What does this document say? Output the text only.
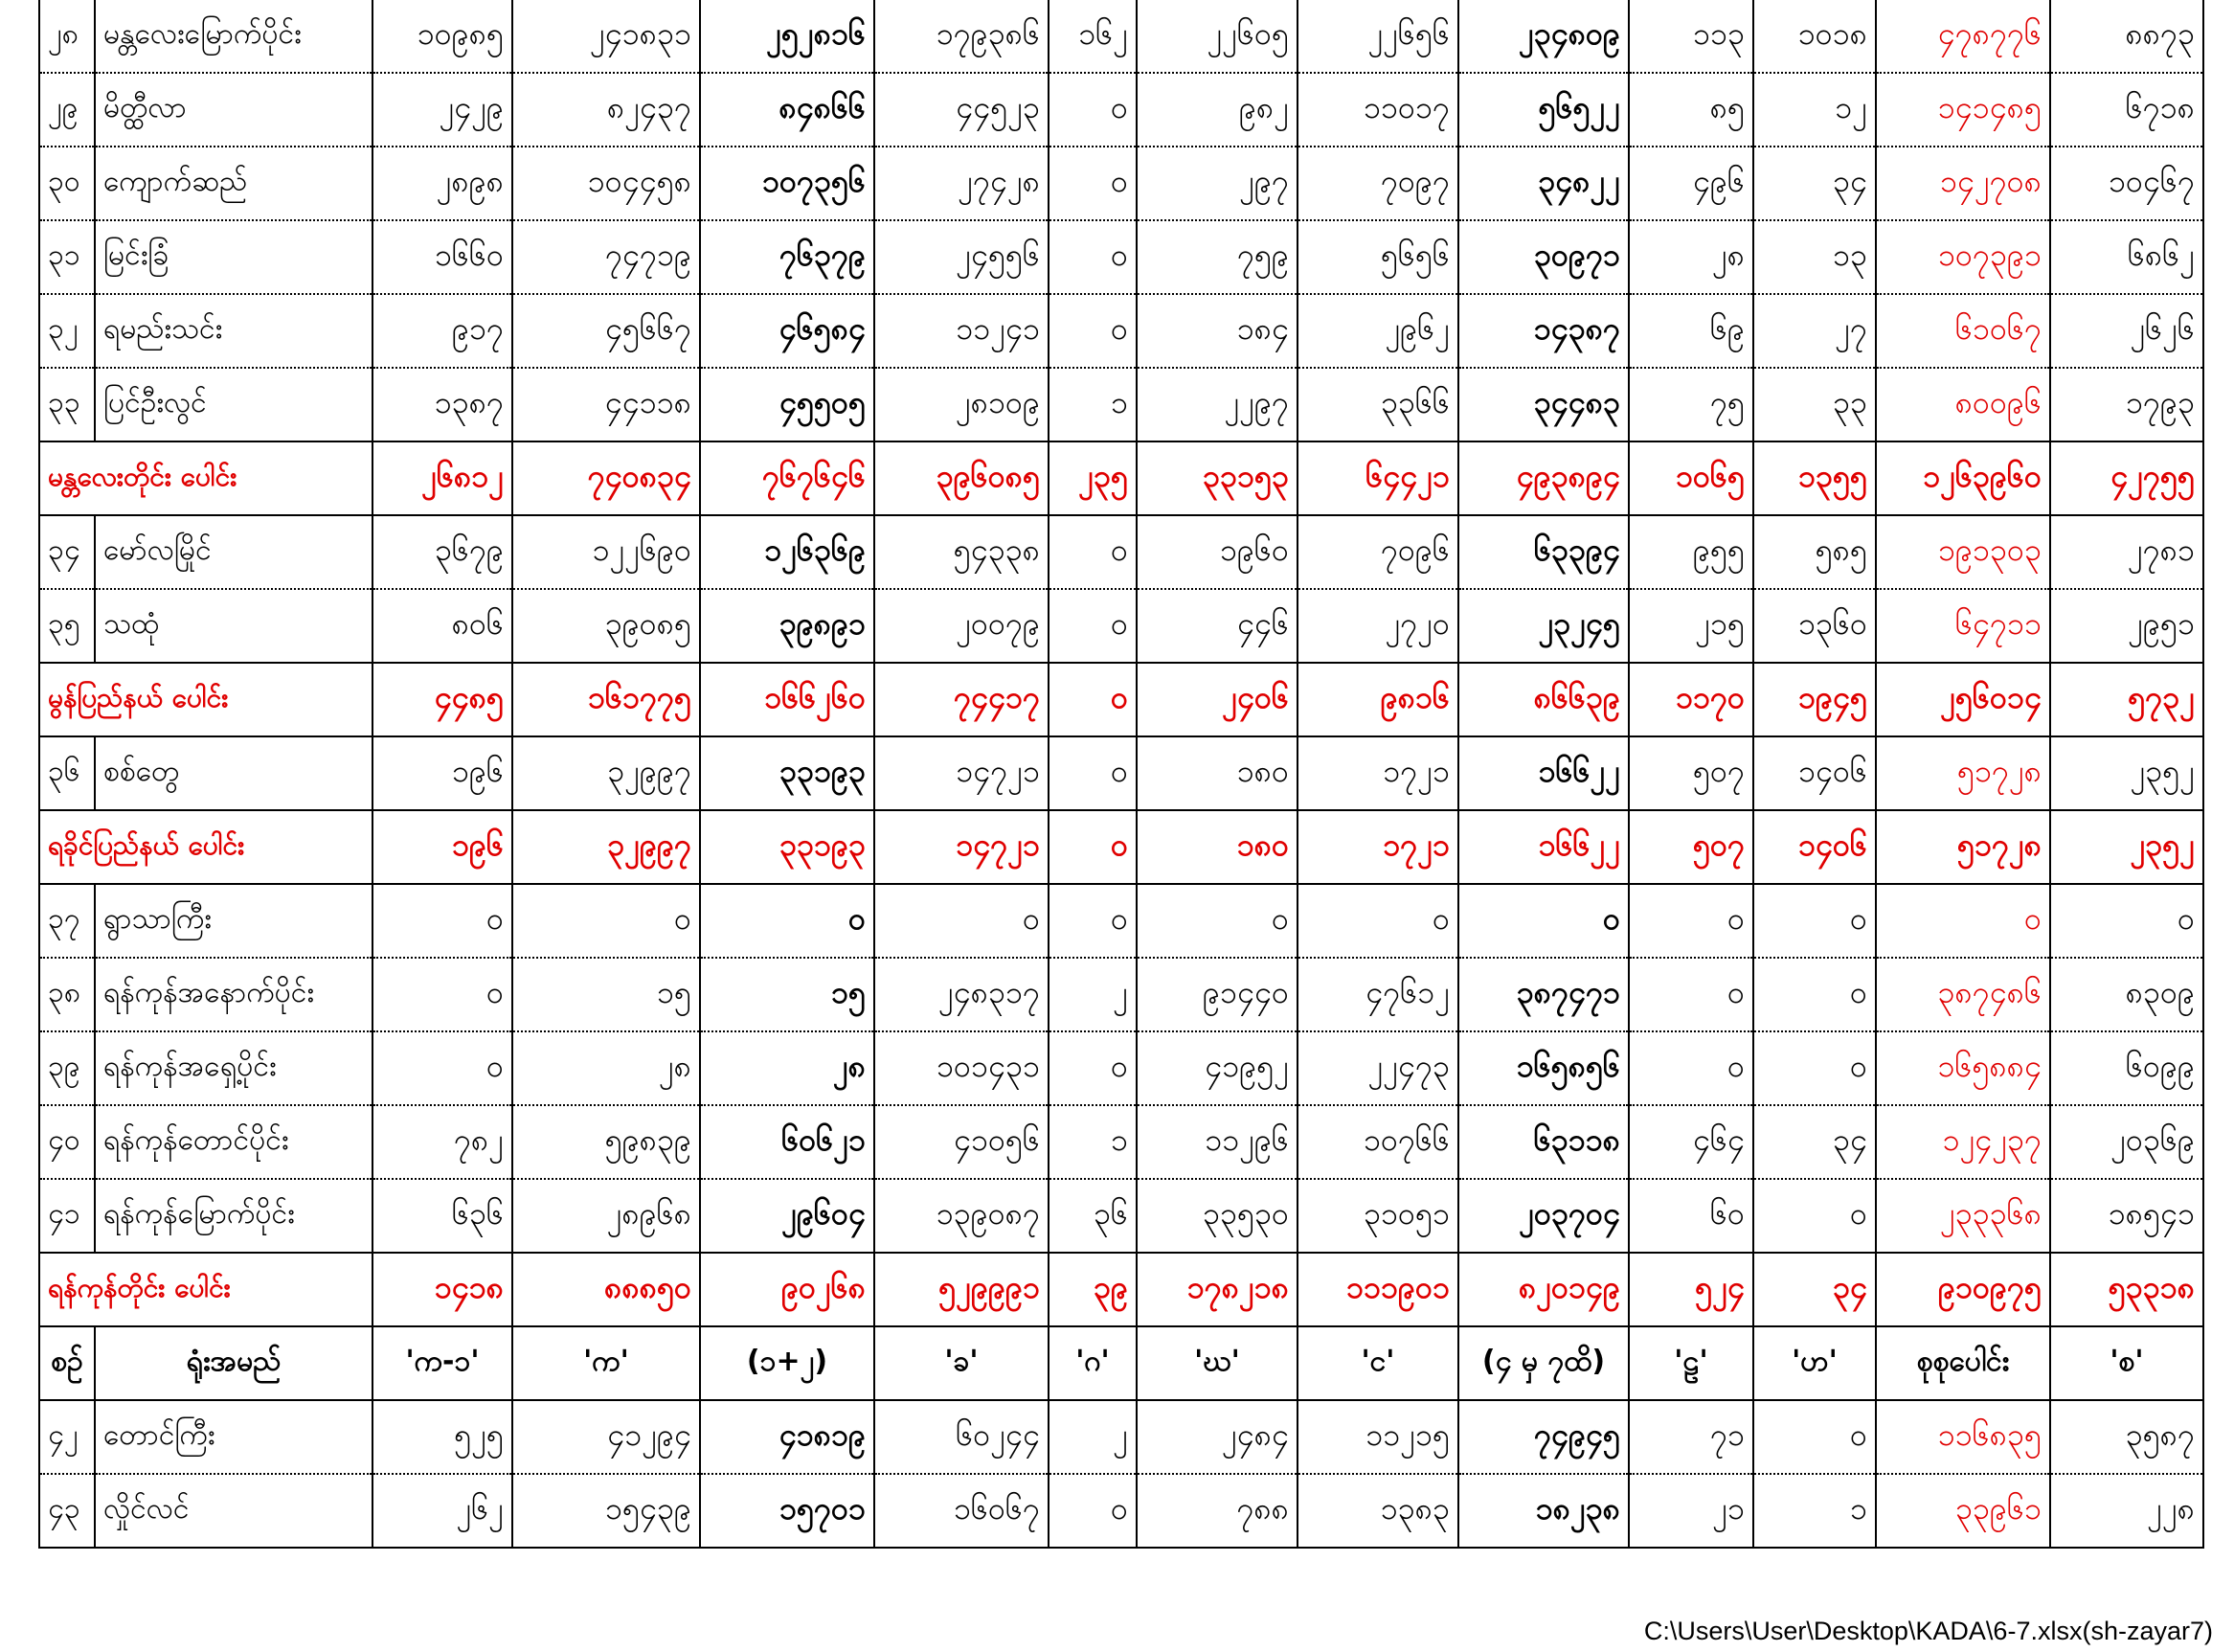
၂၈	မန္တလေးမြောက်ပိုင်း	၁၀၉၈၅	၂၄၁၈၃၁	၂၅၂၈၁၆	၁၇၉၃၈၆	၁၆၂	၂၂၆၀၅	၂၂၆၅၆	၂၃၄၈၀၉	၁၁၃	၁၀၁၈	၄၇၈၇၇၆	၈၈၇၃
၂၉	မိတ္ထီလာ	၂၄၂၉	၈၂၄၃၇	၈၄၈၆၆	၄၄၅၂၃	၀	၉၈၂	၁၁၀၁၇	၅၆၅၂၂	၈၅	၁၂	၁၄၁၄၈၅	၆၇၁၈
၃၀	ကျောက်ဆည်	၂၈၉၈	၁၀၄၄၅၈	၁၀၇၃၅၆	၂၇၄၂၈	၀	၂၉၇	၇၀၉၇	၃၄၈၂၂	၄၉၆	၃၄	၁၄၂၇၀၈	၁၀၄၆၇
၃၁	မြင်းခြံ	၁၆၆၀	၇၄၇၁၉	၇၆၃၇၉	၂၄၅၅၆	၀	၇၅၉	၅၆၅၆	၃၀၉၇၁	၂၈	၁၃	၁၀၇၃၉၁	၆၈၆၂
၃၂	ရမည်းသင်း	၉၁၇	၄၅၆၆၇	၄၆၅၈၄	၁၁၂၄၁	၀	၁၈၄	၂၉၆၂	၁၄၃၈၇	၆၉	၂၇	၆၁၀၆၇	၂၆၂၆
၃၃	ပြင်ဦးလွင်	၁၃၈၇	၄၄၁၁၈	၄၅၅၀၅	၂၈၁၀၉	၁	၂၂၉၇	၃၃၆၆	၃၄၄၈၃	၇၅	၃၃	၈၀၀၉၆	၁၇၉၃
မန္တလေးတိုင်း ပေါင်း		၂၆၈၁၂	၇၄၀၈၃၄	၇၆၇၆၄၆	၃၉၆၀၈၅	၂၃၅	၃၃၁၅၃	၆၄၄၂၁	၄၉၃၈၉၄	၁၀၆၅	၁၃၅၅	၁၂၆၃၉၆၀	၄၂၇၅၅
၃၄	မော်လမြိုင်	၃၆၇၉	၁၂၂၆၉၀	၁၂၆၃၆၉	၅၄၃၃၈	၀	၁၉၆၀	၇၀၉၆	၆၃၃၉၄	၉၅၅	၅၈၅	၁၉၁၃၀၃	၂၇၈၁
၃၅	သထုံ	၈၀၆	၃၉၀၈၅	၃၉၈၉၁	၂၀၀၇၉	၀	၄၄၆	၂၇၂၀	၂၃၂၄၅	၂၁၅	၁၃၆၀	၆၄၇၁၁	၂၉၅၁
မွန်ပြည်နယ် ပေါင်း		၄၄၈၅	၁၆၁၇၇၅	၁၆၆၂၆၀	၇၄၄၁၇	၀	၂၄၀၆	၉၈၁၆	၈၆၆၃၉	၁၁၇၀	၁၉၄၅	၂၅၆၀၁၄	၅၇၃၂
၃၆	စစ်တွေ	၁၉၆	၃၂၉၉၇	၃၃၁၉၃	၁၄၇၂၁	၀	၁၈၀	၁၇၂၁	၁၆၆၂၂	၅၀၇	၁၄၀၆	၅၁၇၂၈	၂၃၅၂
ရခိုင်ပြည်နယ် ပေါင်း		၁၉၆	၃၂၉၉၇	၃၃၁၉၃	၁၄၇၂၁	၀	၁၈၀	၁၇၂၁	၁၆၆၂၂	၅၀၇	၁၄၀၆	၅၁၇၂၈	၂၃၅၂
၃၇	ရွာသာကြီး	၀	၀	၀	၀	၀	၀	၀	၀	၀	၀	၀	၀
၃၈	ရန်ကုန်အနောက်ပိုင်း	၀	၁၅	၁၅	၂၄၈၃၁၇	၂	၉၁၄၄၀	၄၇၆၁၂	၃၈၇၄၇၁	၀	၀	၃၈၇၄၈၆	၈၃၀၉
၃၉	ရန်ကုန်အရှေ့ပိုင်း	၀	၂၈	၂၈	၁၀၁၄၃၁	၀	၄၁၉၅၂	၂၂၄၇၃	၁၆၅၈၅၆	၀	၀	၁၆၅၈၈၄	၆၀၉၉
၄၀	ရန်ကုန်တောင်ပိုင်း	၇၈၂	၅၉၈၃၉	၆၀၆၂၁	၄၁၀၅၆	၁	၁၁၂၉၆	၁၀၇၆၆	၆၃၁၁၈	၄၆၄	၃၄	၁၂၄၂၃၇	၂၀၃၆၉
၄၁	ရန်ကုန်မြောက်ပိုင်း	၆၃၆	၂၈၉၆၈	၂၉၆၀၄	၁၃၉၀၈၇	၃၆	၃၃၅၃၀	၃၁၀၅၁	၂၀၃၇၀၄	၆၀	၀	၂၃၃၃၆၈	၁၈၅၄၁
ရန်ကုန်တိုင်း ပေါင်း		၁၄၁၈	၈၈၈၅၀	၉၀၂၆၈	၅၂၉၉၉၁	၃၉	၁၇၈၂၁၈	၁၁၁၉၀၁	၈၂၀၁၄၉	၅၂၄	၃၄	၉၁၀၉၇၅	၅၃၃၁၈
စဉ်	ရုံးအမည်	'က-၁'	'က'	(၁+၂)	'ခ'	'ဂ'	'ဃ'	'င'	(၄ မှ ၇ထိ)	'ဠ'	'ဟ'	စုစုပေါင်း	'စ'
၄၂	တောင်ကြီး	၅၂၅	၄၁၂၉၄	၄၁၈၁၉	၆၀၂၄၄	၂	၂၄၈၄	၁၁၂၁၅	၇၄၉၄၅	၇၁	၀	၁၁၆၈၃၅	၃၅၈၇
၄၃	လှိုင်လင်	၂၆၂	၁၅၄၃၉	၁၅၇၀၁	၁၆၀၆၇	၀	၇၈၈	၁၃၈၃	၁၈၂၃၈	၂၁	၁	၃၃၉၆၁	၂၂၈
C:\Users\User\Desktop\KADA\6-7.xlsx(sh-zayar7)
